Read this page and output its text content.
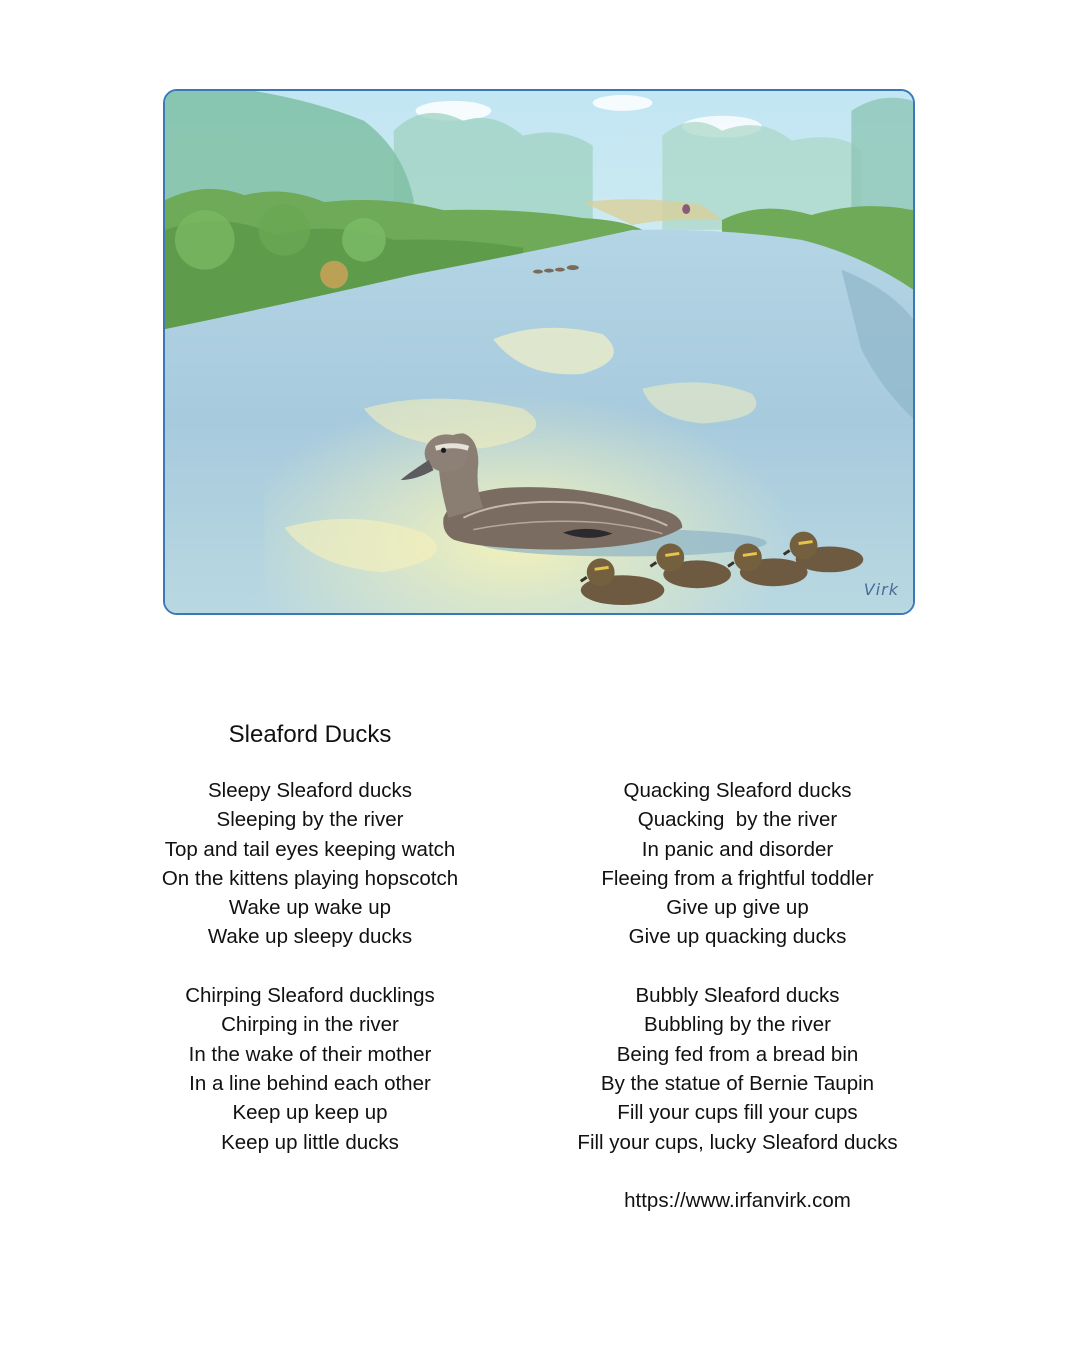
Virk
Sleaford Ducks
Sleepy Sleaford ducks
Sleeping by the river
Top and tail eyes keeping watch
On the kittens playing hopscotch
Wake up wake up
Wake up sleepy ducks
Chirping Sleaford ducklings
Chirping in the river
In the wake of their mother
In a line behind each other
Keep up keep up
Keep up little ducks
Quacking Sleaford ducks
Quacking  by the river
In panic and disorder
Fleeing from a frightful toddler
Give up give up
Give up quacking ducks
Bubbly Sleaford ducks
Bubbling by the river
Being fed from a bread bin
By the statue of Bernie Taupin
Fill your cups fill your cups
Fill your cups, lucky Sleaford ducks
https://www.irfanvirk.com
